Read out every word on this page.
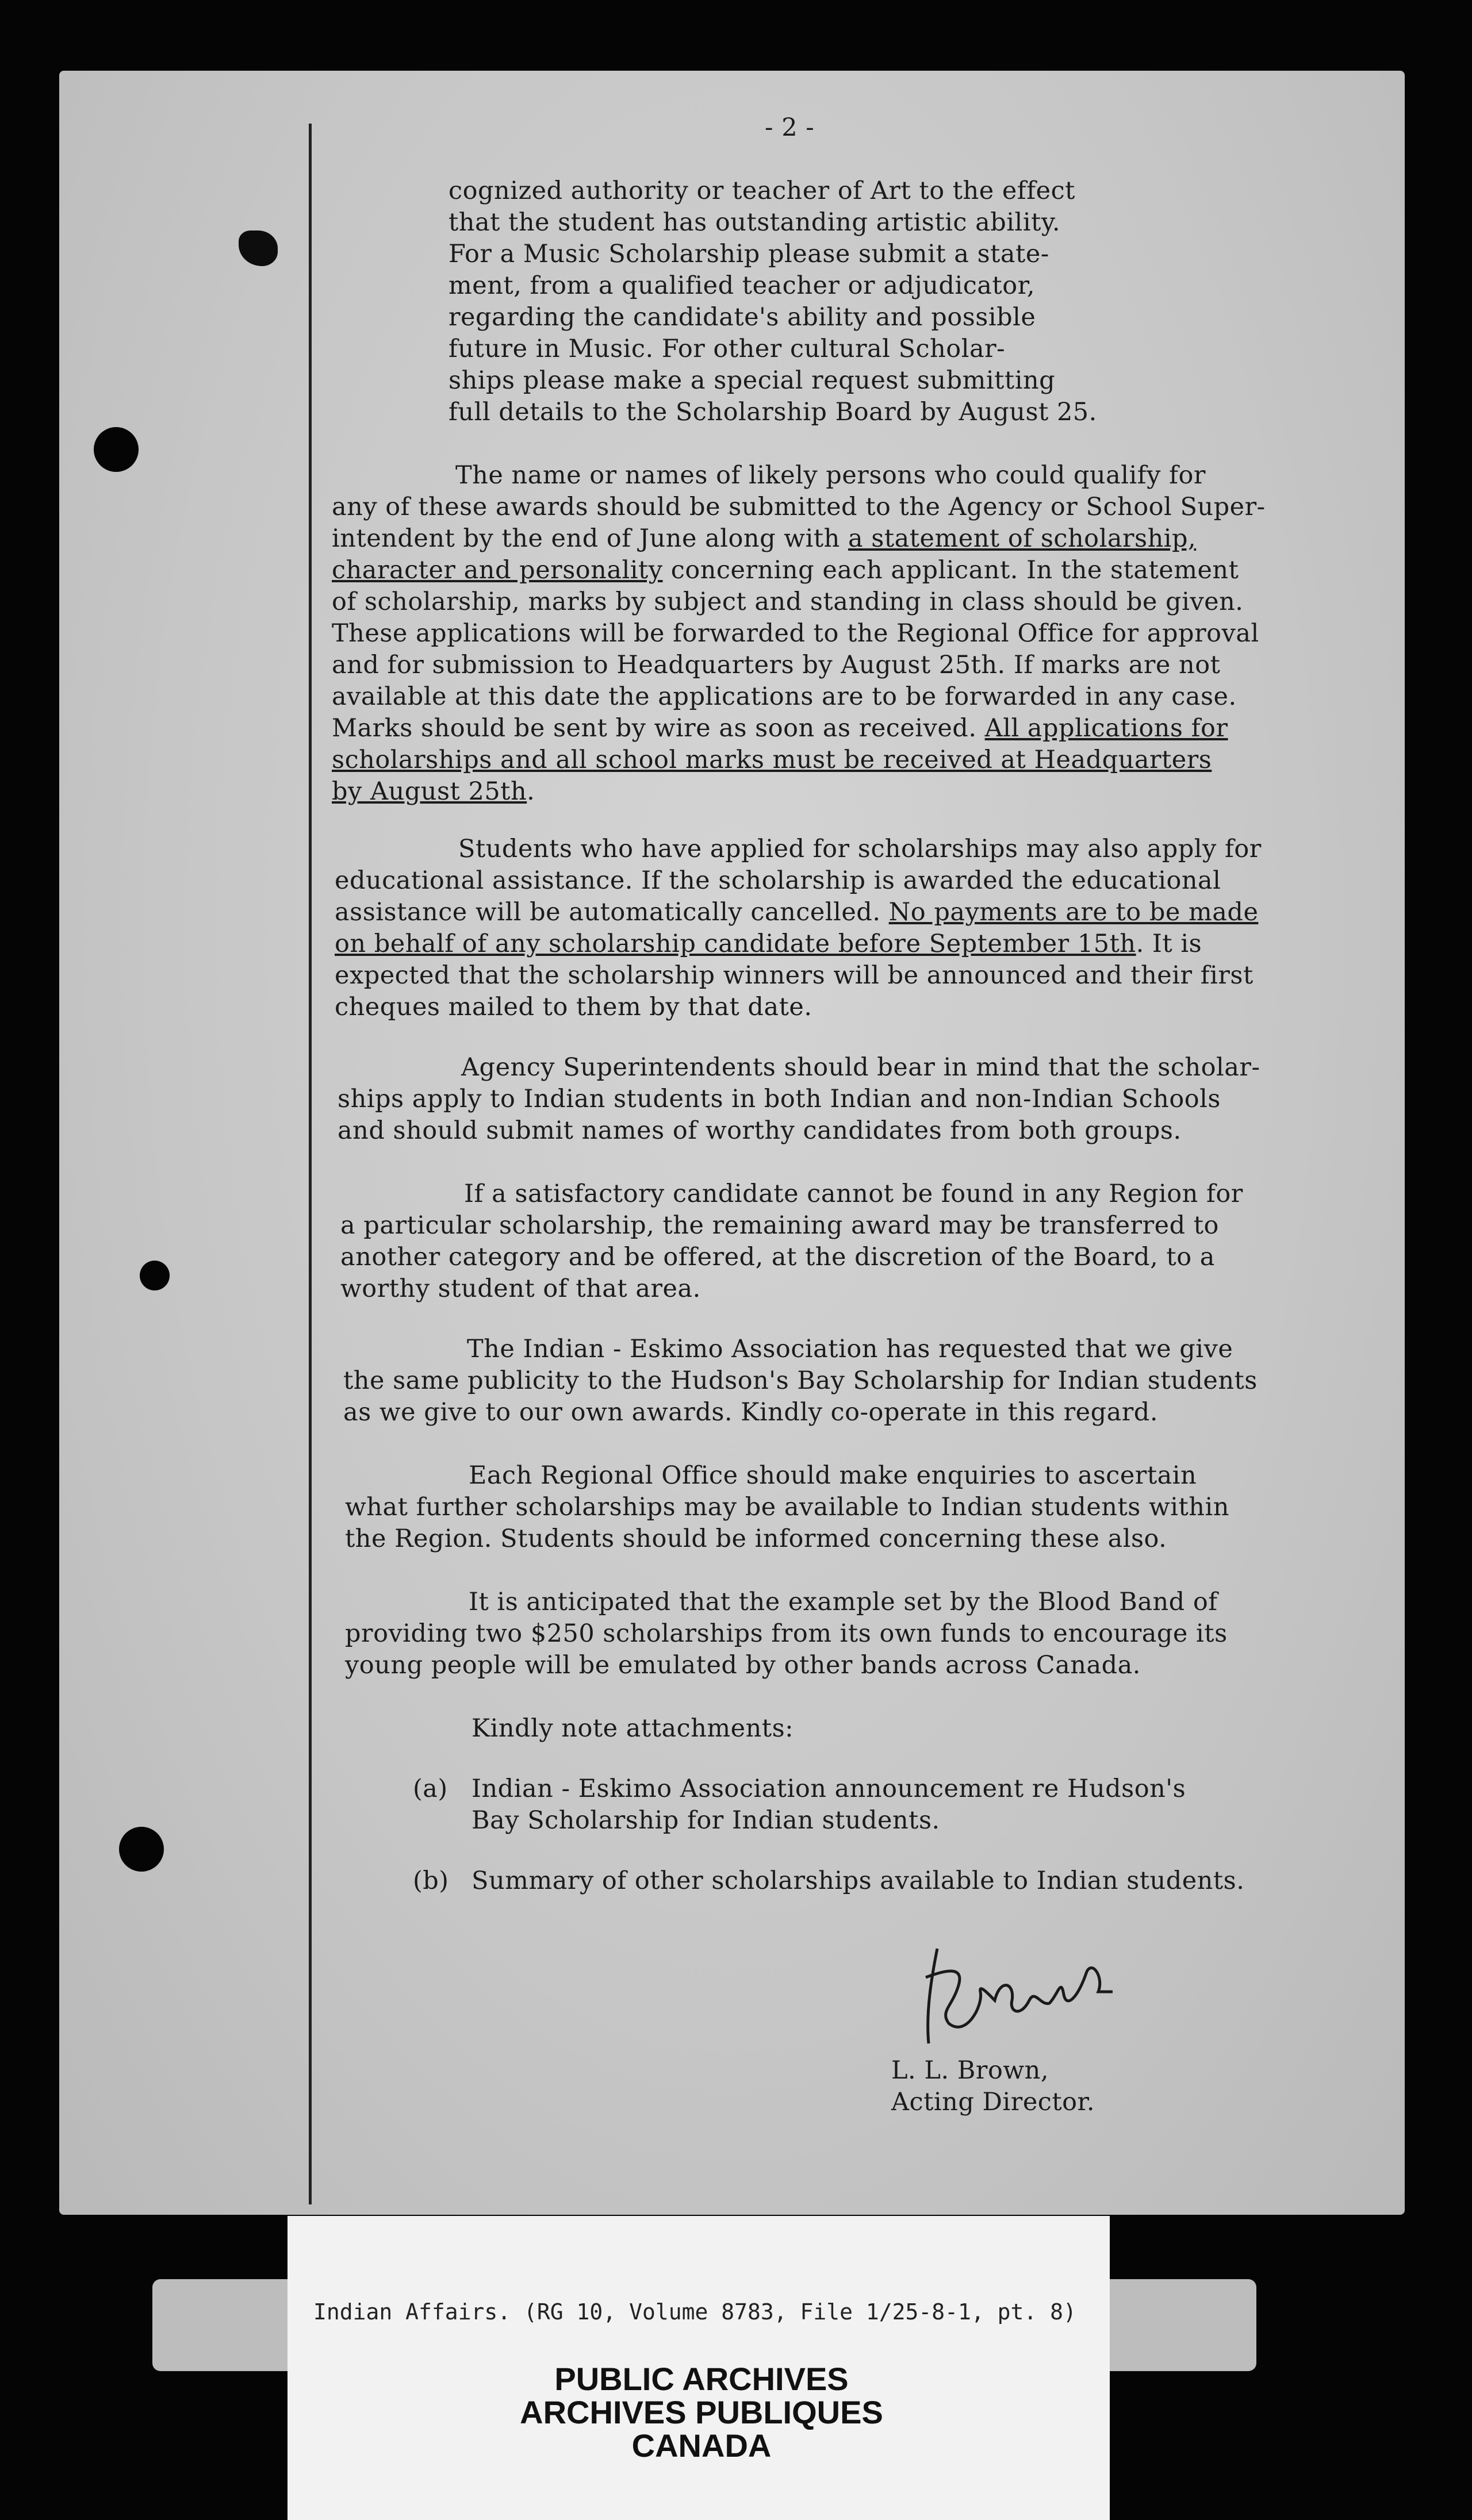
- 2 -

cognized authority or teacher of Art to the effect
that the student has outstanding artistic ability.
For a Music Scholarship please submit a state-
ment, from a qualified teacher or adjudicator,
regarding the candidate's ability and possible
future in Music. For other cultural Scholar-
ships please make a special request submitting
full details to the Scholarship Board by August 25.
The name or names of likely persons who could qualify for
any of these awards should be submitted to the Agency or School Super-
intendent by the end of June along with a statement of scholarship,
character and personality concerning each applicant. In the statement
of scholarship, marks by subject and standing in class should be given.
These applications will be forwarded to the Regional Office for approval
and for submission to Headquarters by August 25th. If marks are not
available at this date the applications are to be forwarded in any case.
Marks should be sent by wire as soon as received. All applications for
scholarships and all school marks must be received at Headquarters
by August 25th.
Students who have applied for scholarships may also apply for
educational assistance. If the scholarship is awarded the educational
assistance will be automatically cancelled. No payments are to be made
on behalf of any scholarship candidate before September 15th. It is
expected that the scholarship winners will be announced and their first
cheques mailed to them by that date.
Agency Superintendents should bear in mind that the scholar-
ships apply to Indian students in both Indian and non-Indian Schools
and should submit names of worthy candidates from both groups.
If a satisfactory candidate cannot be found in any Region for
a particular scholarship, the remaining award may be transferred to
another category and be offered, at the discretion of the Board, to a
worthy student of that area.
The Indian - Eskimo Association has requested that we give
the same publicity to the Hudson's Bay Scholarship for Indian students
as we give to our own awards. Kindly co-operate in this regard.
Each Regional Office should make enquiries to ascertain
what further scholarships may be available to Indian students within
the Region. Students should be informed concerning these also.
It is anticipated that the example set by the Blood Band of
providing two $250 scholarships from its own funds to encourage its
young people will be emulated by other bands across Canada.

Kindly note attachments:

(a) Indian - Eskimo Association announcement re Hudson's
Bay Scholarship for Indian students.
(b) Summary of other scholarships available to Indian students.

L. L. Brown,

Acting Director.

Indian Affairs. (RG 10, Volume 8783, File 1/25-8-1, pt. 8)

PUBLIC ARCHIVES
ARCHIVES PUBLIQUES
CANADA
